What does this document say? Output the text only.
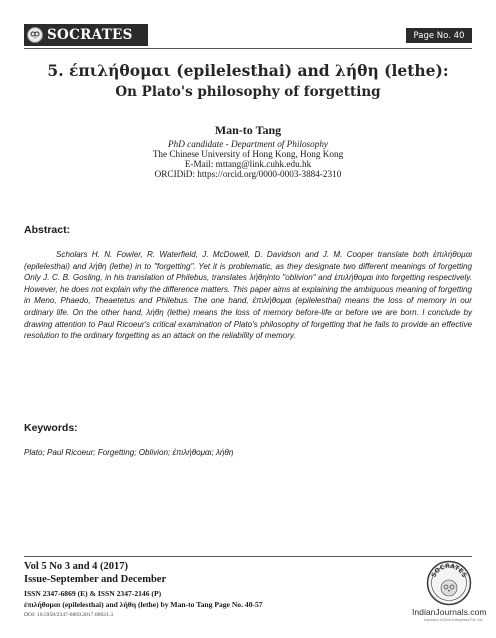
SOCRATES	Page No. 40
5. έπιλήθομαι (epilelesthai) and λήθη (lethe):
On Plato's philosophy of forgetting
Man-to Tang
PhD candidate - Department of Philosophy
The Chinese University of Hong Kong, Hong Kong
E-Mail: mttang@link.cuhk.edu.hk
ORCIDiD: https://orcid.org/0000-0003-3884-2310
Abstract:
Scholars H. N. Fowler, R. Waterfield, J. McDowell, D. Davidson and J. M. Cooper translate both ἐπιλήθομαι (epilelesthai) and λήθη (lethe) in to "forgetting". Yet it is problematic, as they designate two different meanings of forgetting Only J. C. B. Gosling, in his translation of Philebus, translates λήθηinto "oblivion" and ἐπιλήθομαι into forgetting respectively. However, he does not explain why the difference matters. This paper aims at explaining the ambiguous meaning of forgetting in Meno, Phaedo, Theaetetus and Philebus. The one hand, ἐπιλήθομαι (epilelesthai) means the loss of memory in our ordinary life. On the other hand, λήθη (lethe) means the loss of memory before-life or before we are born. I conclude by drawing attention to Paul Ricoeur's critical examination of Plato's philosophy of forgetting that he fails to provide an effective resolution to the ordinary forgetting as an attack on the reliability of memory.
Keywords:
Plato; Paul Ricoeur; Forgetting; Oblivion; ἐπιλήθομαι; λήθη
Vol 5 No 3 and 4 (2017)
Issue-September and December
ISSN 2347-6869 (E) & ISSN 2347-2146 (P)
ἐπιλήθομαι (epilelesthai) and λήθη (lethe) by Man-to Tang Page No. 40-57
DOI: 10.5958/2347-6869.2017.00021.3
SOCRATES
IndianJournals.com
A product of Diva Enterprises Pvt. Ltd.
